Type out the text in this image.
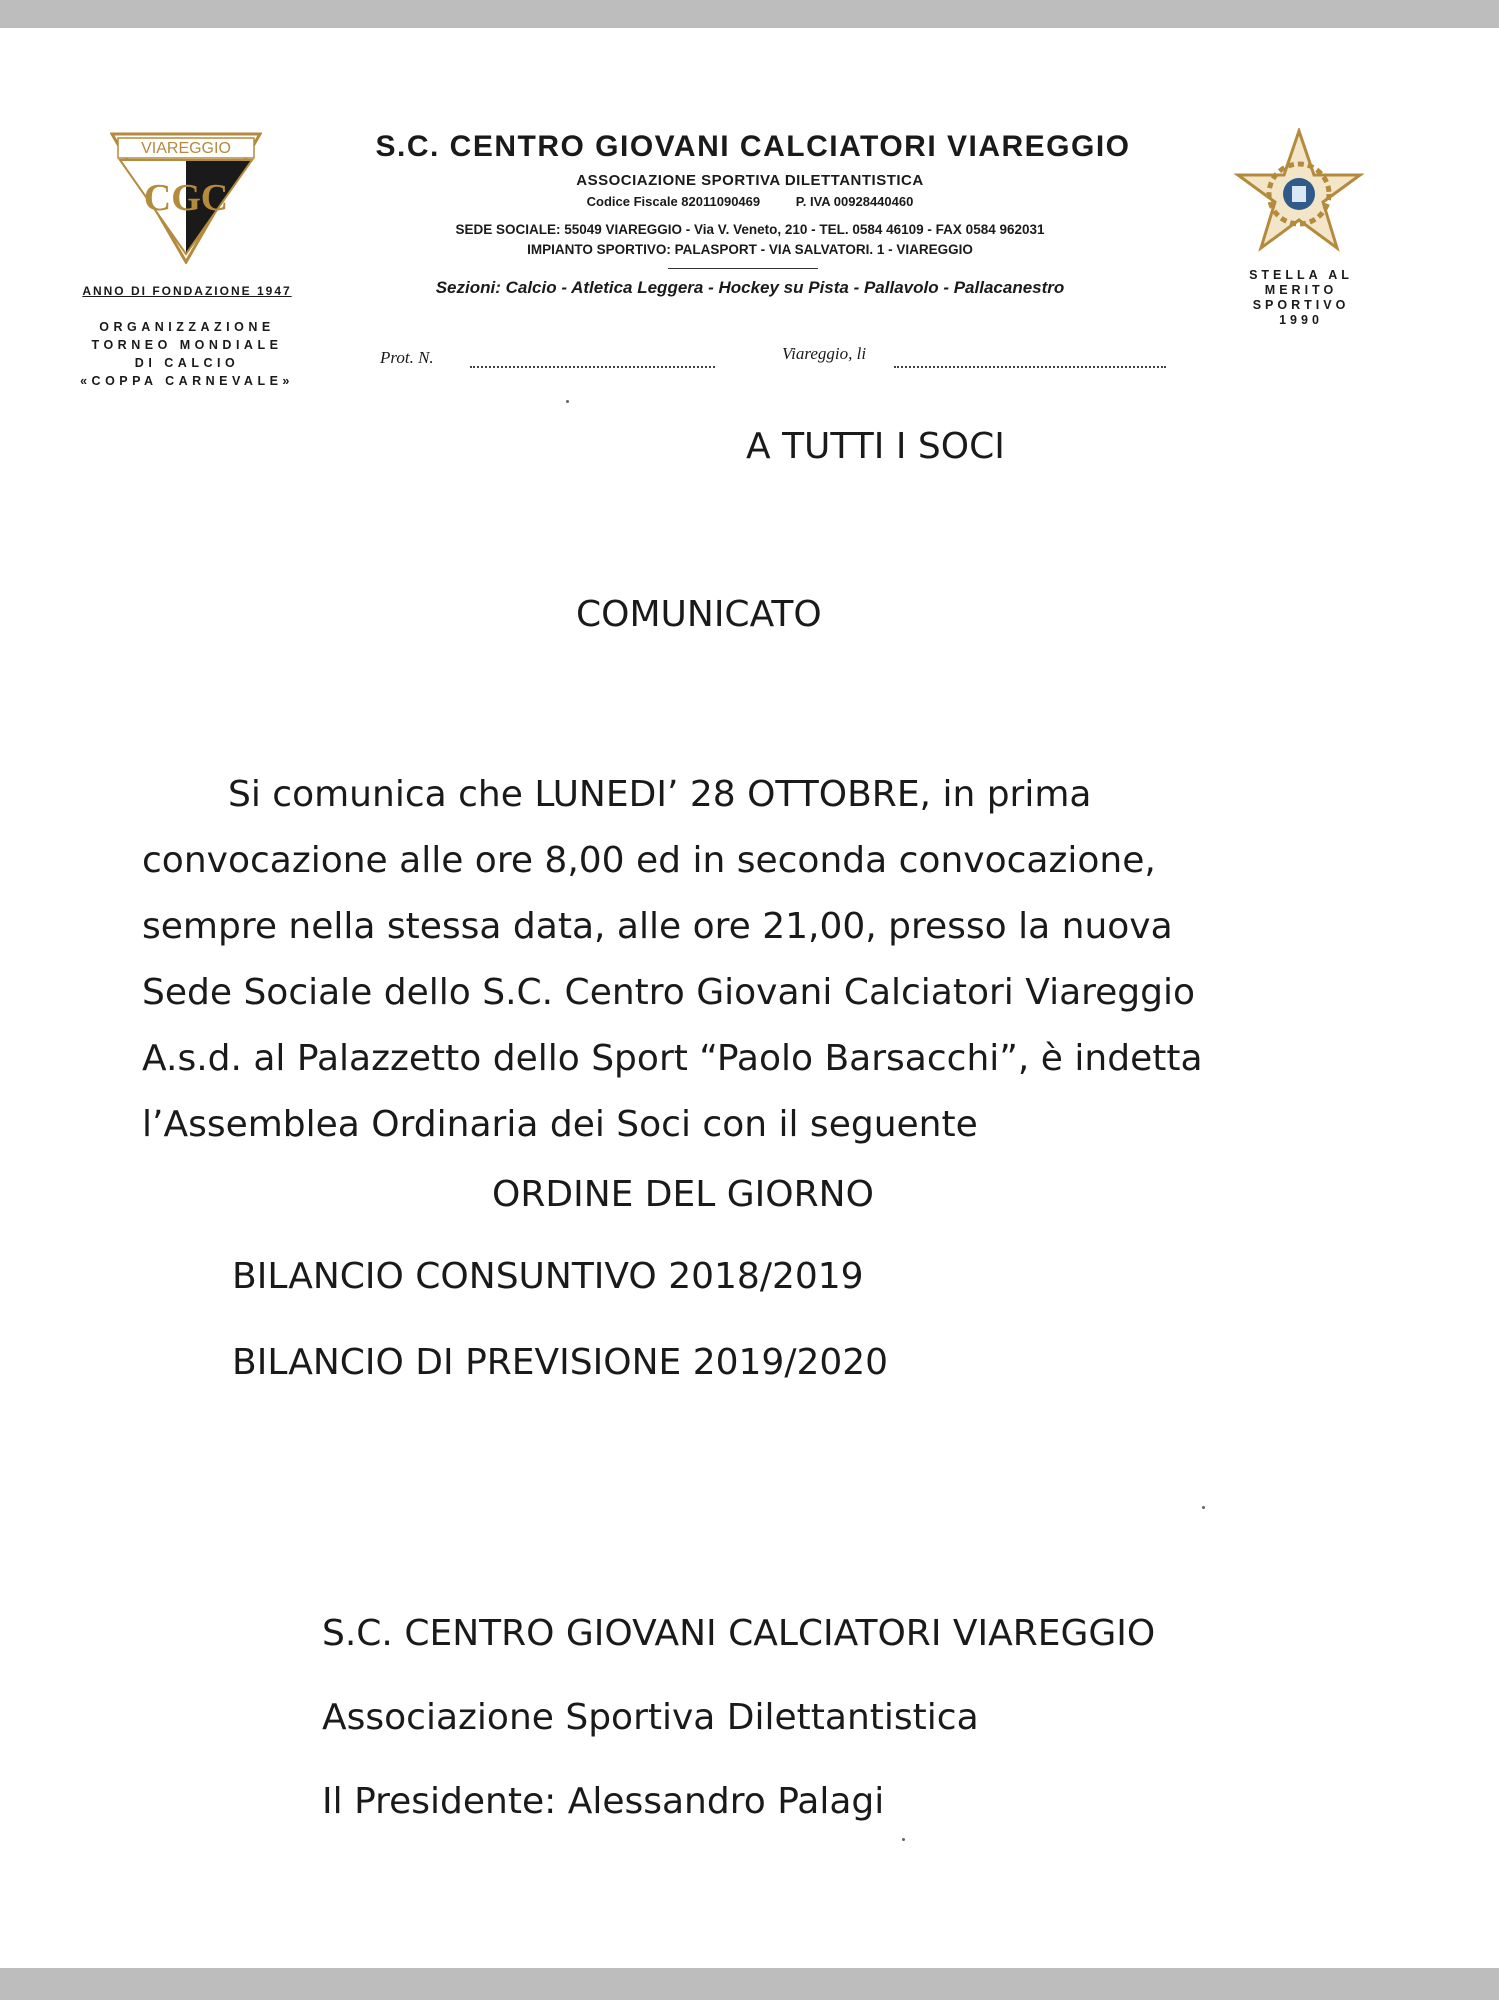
VIAREGGIO
CGC
ANNO DI FONDAZIONE 1947
ORGANIZZAZIONE
TORNEO MONDIALE
DI CALCIO
«COPPA CARNEVALE»
S.C. CENTRO GIOVANI CALCIATORI VIAREGGIO
ASSOCIAZIONE SPORTIVA DILETTANTISTICA
Codice Fiscale 82011090469	P. IVA 00928440460
SEDE SOCIALE: 55049 VIAREGGIO - Via V. Veneto, 210 - TEL. 0584 46109 - FAX 0584 962031
IMPIANTO SPORTIVO: PALASPORT - VIA SALVATORI. 1 - VIAREGGIO
Sezioni: Calcio - Atletica Leggera - Hockey su Pista - Pallavolo - Pallacanestro
Prot. N.	Viareggio, li
STELLA AL
MERITO
SPORTIVO
1990
A TUTTI I SOCI
COMUNICATO
Si comunica che LUNEDI’ 28 OTTOBRE, in prima
convocazione alle ore 8,00 ed in seconda convocazione,
sempre nella stessa data, alle ore 21,00, presso la nuova
Sede Sociale dello S.C. Centro Giovani Calciatori Viareggio
A.s.d. al Palazzetto dello Sport “Paolo Barsacchi”, è indetta
l’Assemblea Ordinaria dei Soci con il seguente
ORDINE DEL GIORNO
BILANCIO CONSUNTIVO 2018/2019
BILANCIO DI PREVISIONE 2019/2020
S.C. CENTRO GIOVANI CALCIATORI VIAREGGIO
Associazione Sportiva Dilettantistica
Il Presidente: Alessandro Palagi
